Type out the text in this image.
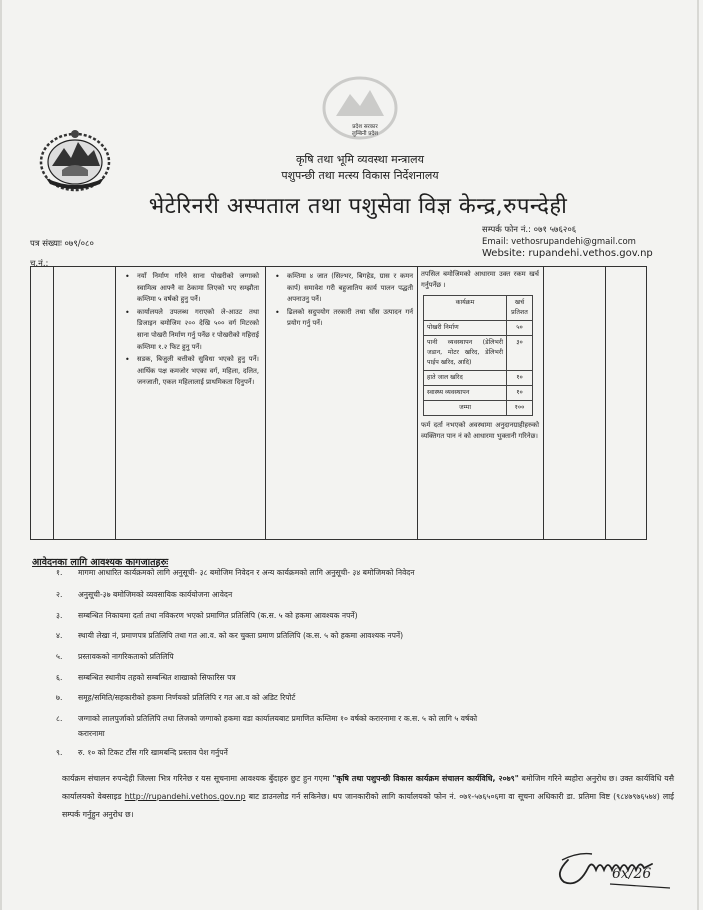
प्रदेश सरकार
लुम्बिनी प्रदेश
कृषि तथा भूमि व्यवस्था मन्त्रालय
पशुपन्छी तथा मत्स्य विकास निर्देशनालय
भेटेरिनरी अस्पताल तथा पशुसेवा विज्ञ केन्द्र,रुपन्देही
सम्पर्क फोन नं.: ०७१ ५७६२०६
Email: vethosrupandehi@gmail.com
Website: rupandehi.vethos.gov.np
पत्र संख्याः ०७९/०८०
च.नं.:
• नयाँ निर्माण गरिने साना पोखरीको जग्गाको स्वामित्व आफ्नै वा ठेकामा लिएको भए सम्झौता कम्तिमा ५ वर्षको हुनु पर्ने।
• कार्यालयले उपलब्ध गराएको ले-आउट तथा डिजाइन बमोजिम २०० देखि ५०० वर्ग मिटरको साना पोखरी निर्माण गर्नु पर्नेछ र पोखरीको गहिराई कम्तिमा १.२ फिट हुनु पर्ने।
• सडक, बिजुली बत्तीको सुविधा भएको हुनु पर्ने। आर्थिक पक्ष कमजोर भएका वर्ग, महिला, दलित, जनजाती, एकल महिलालाई प्राथमिकता दिनुपर्ने।
• कम्तिमा ४ जात (सिल्भर, बिगहेड, ग्रास र कमन कार्प) समावेश गरी बहुजातिय कार्य पालन पद्धती अपनाउनु पर्ने।
• ढिलको सदुपयोग तरकारी तथा घाँस उत्पादन गर्न प्रयोग गर्नु पर्ने।
तपसिल बमोजिमको आधारमा उक्त रकम खर्च गर्नुपर्नेछ ।
कार्यक्रम	खर्च प्रतिशत
पोखरी निर्माण	५०
पानी व्यवस्थापन (डेलिभरी जडान, मोटर खरिद, डेलिभरी पाईप खरिद, आदि)	३०
हाते जाल खरिद	१०
स्वास्थ्य व्यवस्थापन	१०
जम्मा	१००
फर्म दर्ता नभएको अवस्थामा अनुदानग्राहीहरुको व्यक्तिगत पान नं को आधारमा भुक्तानी गरिनेछ।
आवेदनका लागि आवश्यक कागजातहरुः
१. मागमा आधारित कार्यक्रमको लागि अनुसूची- ३८ बमोजिम निवेदन र अन्य कार्यक्रमको लागि अनुसूची- ३४ बमोजिमको निवेदन
२. अनुसूची-३७ बमोजिमको व्यवसायिक कार्ययोजना आवेदन
३. सम्बन्धित निकायमा दर्ता तथा नविकरण भएको प्रमाणित प्रतिलिपि (क.स. ५ को हकमा आवश्यक नपर्ने)
४. स्थायी लेखा नं, प्रमाणपत्र प्रतिलिपि तथा गत आ.व. को कर चुक्ता प्रमाण प्रतिलिपि (क.स. ५ को हकमा आवश्यक नपर्ने)
५. प्रस्तावकको नागरिकताको प्रतिलिपि
६. सम्बन्धित स्थानीय तहको सम्बन्धित शाखाको सिफारिस पत्र
७. समूह/समिति/सहकारीको हकमा निर्णयको प्रतिलिपि र गत आ.व को अडिट रिपोर्ट
८. जग्गाको लालपुर्जाको प्रतिलिपि तथा लिजको जग्गाको हकमा वडा कार्यालयबाट प्रमाणित कम्तिमा १० वर्षको करारनामा र क.स. ५ को लागि ५ वर्षको
करारनामा
९. रु. १० को टिकट टाँस गरि खामबन्दि प्रस्ताव पेश गर्नुपर्ने
कार्यक्रम संचालन रुपन्देही जिल्ला भित्र गरिनेछ र यस सूचनामा आवश्यक बुँदाहरु छुट हुन गएमा "कृषि तथा पशुपन्छी विकास कार्यक्रम संचालन कार्यविधि, २०७९" बमोजिम गरिने ब्यहोरा अनुरोध छ। उक्त कार्यविधि यसै कार्यालयको वेबसाइड http://rupandehi.vethos.gov.np बाट डाउनलोड गर्न सकिनेछ। थप जानकारीको लागि कार्यालयको फोन नं. ०७१-५७६५०६मा वा सूचना अधिकारी डा. प्रतिमा विष्ट (९८४७९७६५७४) लाई सम्पर्क गर्नुहुन अनुरोध छ।
6x/26
